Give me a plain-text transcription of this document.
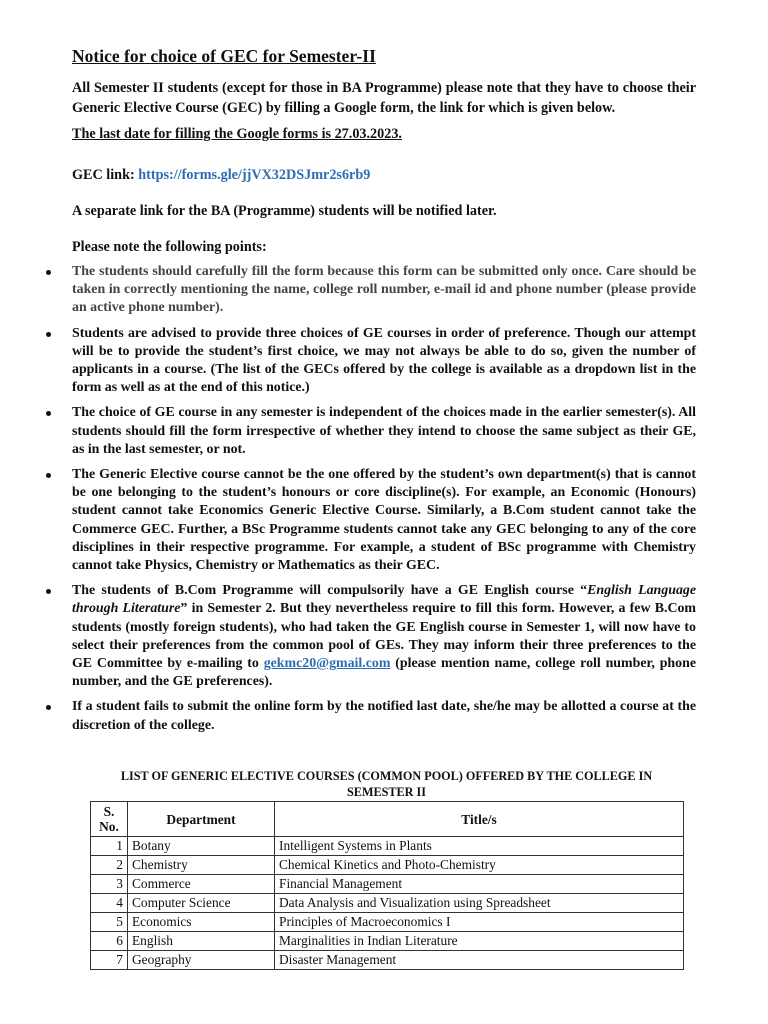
Notice for choice of GEC for Semester-II
All Semester II students (except for those in BA Programme) please note that they have to choose their Generic Elective Course (GEC) by filling a Google form, the link for which is given below.
The last date for filling the Google forms is 27.03.2023.
GEC link: https://forms.gle/jjVX32DSJmr2s6rb9
A separate link for the BA (Programme) students will be notified later.
Please note the following points:
The students should carefully fill the form because this form can be submitted only once. Care should be taken in correctly mentioning the name, college roll number, e-mail id and phone number (please provide an active phone number).
Students are advised to provide three choices of GE courses in order of preference. Though our attempt will be to provide the student’s first choice, we may not always be able to do so, given the number of applicants in a course. (The list of the GECs offered by the college is available as a dropdown list in the form as well as at the end of this notice.)
The choice of GE course in any semester is independent of the choices made in the earlier semester(s). All students should fill the form irrespective of whether they intend to choose the same subject as their GE, as in the last semester, or not.
The Generic Elective course cannot be the one offered by the student’s own department(s) that is cannot be one belonging to the student’s honours or core discipline(s). For example, an Economic (Honours) student cannot take Economics Generic Elective Course. Similarly, a B.Com student cannot take the Commerce GEC. Further, a BSc Programme students cannot take any GEC belonging to any of the core disciplines in their respective programme. For example, a student of BSc programme with Chemistry cannot take Physics, Chemistry or Mathematics as their GEC.
The students of B.Com Programme will compulsorily have a GE English course “English Language through Literature” in Semester 2. But they nevertheless require to fill this form. However, a few B.Com students (mostly foreign students), who had taken the GE English course in Semester 1, will now have to select their preferences from the common pool of GEs. They may inform their three preferences to the GE Committee by e-mailing to gekmc20@gmail.com (please mention name, college roll number, phone number, and the GE preferences).
If a student fails to submit the online form by the notified last date, she/he may be allotted a course at the discretion of the college.
LIST OF GENERIC ELECTIVE COURSES (COMMON POOL) OFFERED BY THE COLLEGE IN SEMESTER II
S. No.	Department	Title/s
1	Botany	Intelligent Systems in Plants
2	Chemistry	Chemical Kinetics and Photo-Chemistry
3	Commerce	Financial Management
4	Computer Science	Data Analysis and Visualization using Spreadsheet
5	Economics	Principles of Macroeconomics I
6	English	Marginalities in Indian Literature
7	Geography	Disaster Management
